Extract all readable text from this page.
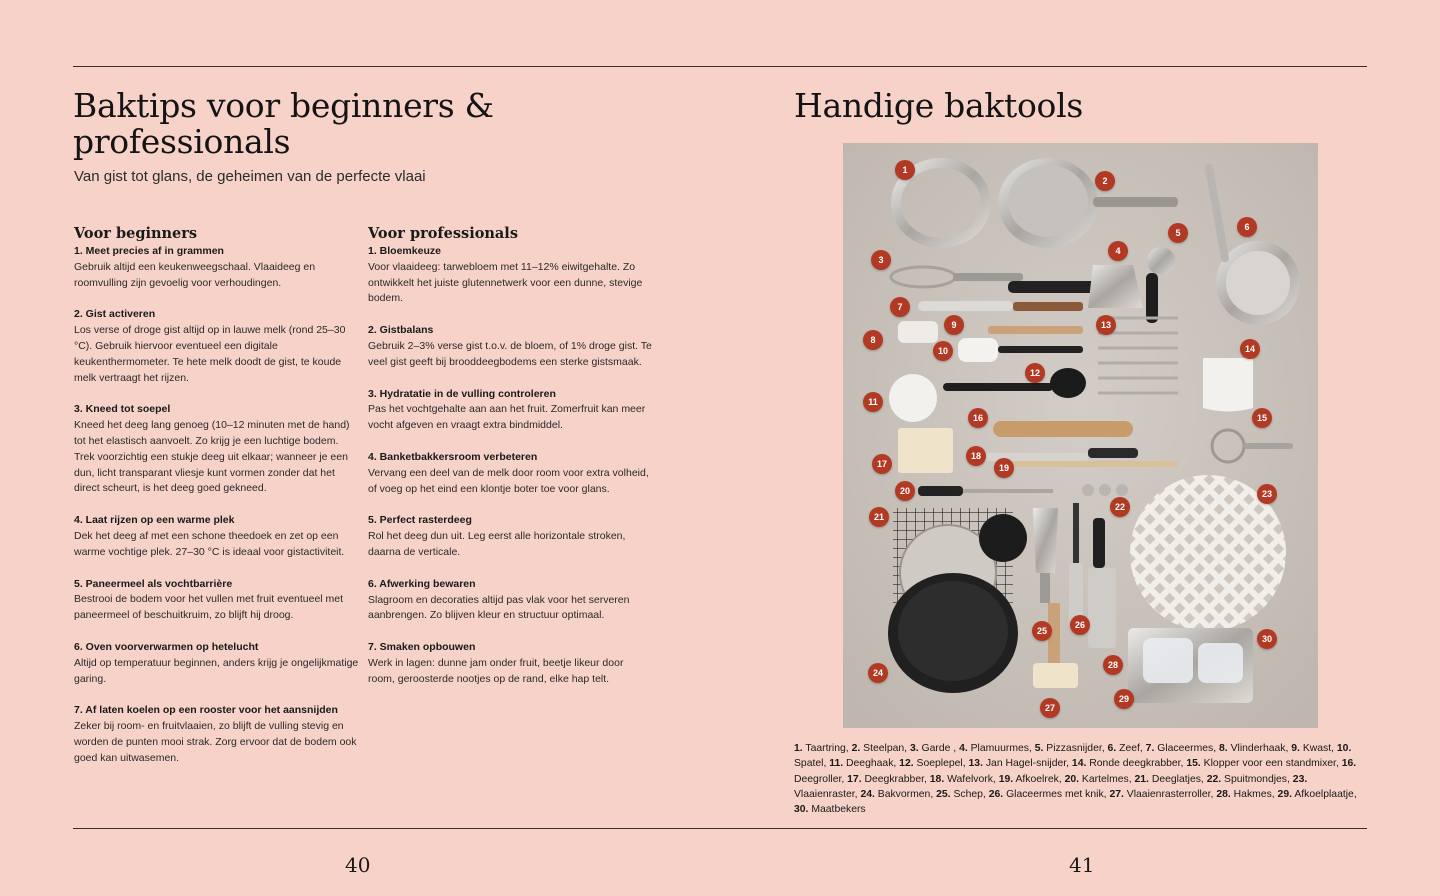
Baktips voor beginners & professionals

Van gist tot glans, de geheimen van de perfecte vlaai

Voor beginners

1. Meet precies af in grammen

Gebruik altijd een keukenweegschaal. Vlaaideeg en roomvulling zijn gevoelig voor verhoudingen.

2. Gist activeren

Los verse of droge gist altijd op in lauwe melk (rond 25–30 °C). Gebruik hiervoor eventueel een digitale keukenthermometer. Te hete melk doodt de gist, te koude melk vertraagt het rijzen.

3. Kneed tot soepel

Kneed het deeg lang genoeg (10–12 minuten met de hand) tot het elastisch aanvoelt. Zo krijg je een luchtige bodem. Trek voorzichtig een stukje deeg uit elkaar; wanneer je een dun, licht transparant vliesje kunt vormen zonder dat het direct scheurt, is het deeg goed gekneed.

4. Laat rijzen op een warme plek

Dek het deeg af met een schone theedoek en zet op een warme vochtige plek. 27–30 °C is ideaal voor gistactiviteit.

5. Paneermeel als vochtbarrière

Bestrooi de bodem voor het vullen met fruit eventueel met paneermeel of beschuitkruim, zo blijft hij droog.

6. Oven voorverwarmen op hetelucht

Altijd op temperatuur beginnen, anders krijg je ongelijkmatige garing.

7. Af laten koelen op een rooster voor het aansnijden

Zeker bij room- en fruitvlaaien, zo blijft de vulling stevig en worden de punten mooi strak. Zorg ervoor dat de bodem ook goed kan uitwasemen.

Voor professionals

1. Bloemkeuze

Voor vlaaideeg: tarwebloem met 11–12% eiwitgehalte. Zo ontwikkelt het juiste glutennetwerk voor een dunne, stevige bodem.

2. Gistbalans

Gebruik 2–3% verse gist t.o.v. de bloem, of 1% droge gist. Te veel gist geeft bij brooddeegbodems een sterke gistsmaak.

3. Hydratatie in de vulling controleren

Pas het vochtgehalte aan aan het fruit. Zomerfruit kan meer vocht afgeven en vraagt extra bindmiddel.

4. Banketbakkersroom verbeteren

Vervang een deel van de melk door room voor extra volheid, of voeg op het eind een klontje boter toe voor glans.

5. Perfect rasterdeeg

Rol het deeg dun uit. Leg eerst alle horizontale stroken, daarna de verticale.

6. Afwerking bewaren

Slagroom en decoraties altijd pas vlak voor het serveren aanbrengen. Zo blijven kleur en structuur optimaal.

7. Smaken opbouwen

Werk in lagen: dunne jam onder fruit, beetje likeur door room, geroosterde nootjes op de rand, elke hap telt.

Handige baktools
1
2
3
4
5
6
7
8
9
10
11
12
13
14
15
16
17
18
19
20
21
22
23
24
25
26
27
28
29
30

1. Taartring, 2. Steelpan, 3. Garde , 4. Plamuurmes, 5. Pizzasnijder, 6. Zeef, 7. Glaceermes, 8. Vlinderhaak, 9. Kwast, 10. Spatel, 11. Deeghaak, 12. Soeplepel, 13. Jan Hagel-snijder, 14. Ronde deegkrabber, 15. Klopper voor een standmixer, 16. Deegroller, 17. Deegkrabber, 18. Wafelvork, 19. Afkoelrek, 20. Kartelmes, 21. Deeglatjes, 22. Spuitmondjes, 23. Vlaaienraster, 24. Bakvormen, 25. Schep, 26. Glaceermes met knik, 27. Vlaaienrasterroller, 28. Hakmes, 29. Afkoelplaatje, 30. Maatbekers

40	41
